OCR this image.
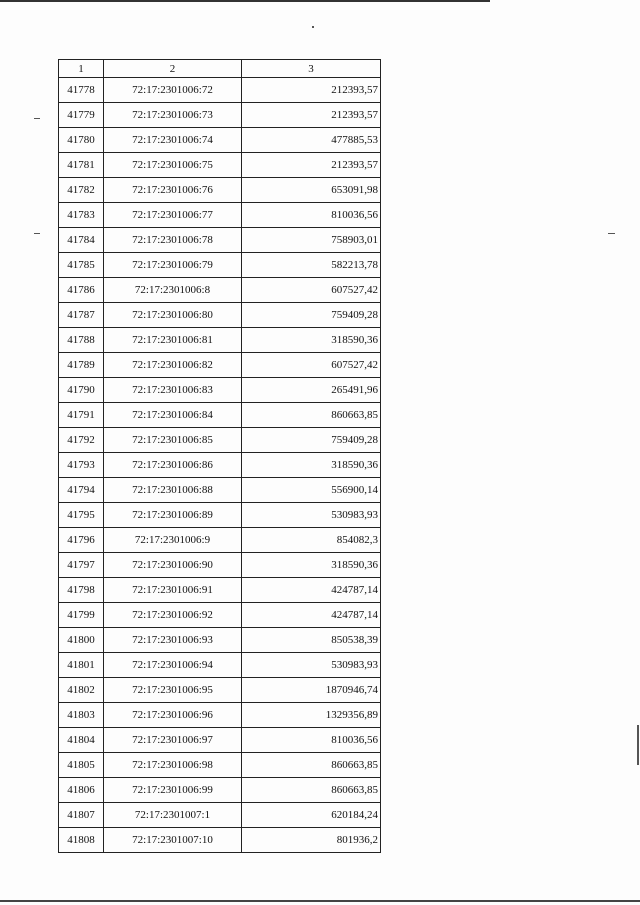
1	2	3
41778	72:17:2301006:72	212393,57
41779	72:17:2301006:73	212393,57
41780	72:17:2301006:74	477885,53
41781	72:17:2301006:75	212393,57
41782	72:17:2301006:76	653091,98
41783	72:17:2301006:77	810036,56
41784	72:17:2301006:78	758903,01
41785	72:17:2301006:79	582213,78
41786	72:17:2301006:8	607527,42
41787	72:17:2301006:80	759409,28
41788	72:17:2301006:81	318590,36
41789	72:17:2301006:82	607527,42
41790	72:17:2301006:83	265491,96
41791	72:17:2301006:84	860663,85
41792	72:17:2301006:85	759409,28
41793	72:17:2301006:86	318590,36
41794	72:17:2301006:88	556900,14
41795	72:17:2301006:89	530983,93
41796	72:17:2301006:9	854082,3
41797	72:17:2301006:90	318590,36
41798	72:17:2301006:91	424787,14
41799	72:17:2301006:92	424787,14
41800	72:17:2301006:93	850538,39
41801	72:17:2301006:94	530983,93
41802	72:17:2301006:95	1870946,74
41803	72:17:2301006:96	1329356,89
41804	72:17:2301006:97	810036,56
41805	72:17:2301006:98	860663,85
41806	72:17:2301006:99	860663,85
41807	72:17:2301007:1	620184,24
41808	72:17:2301007:10	801936,2
